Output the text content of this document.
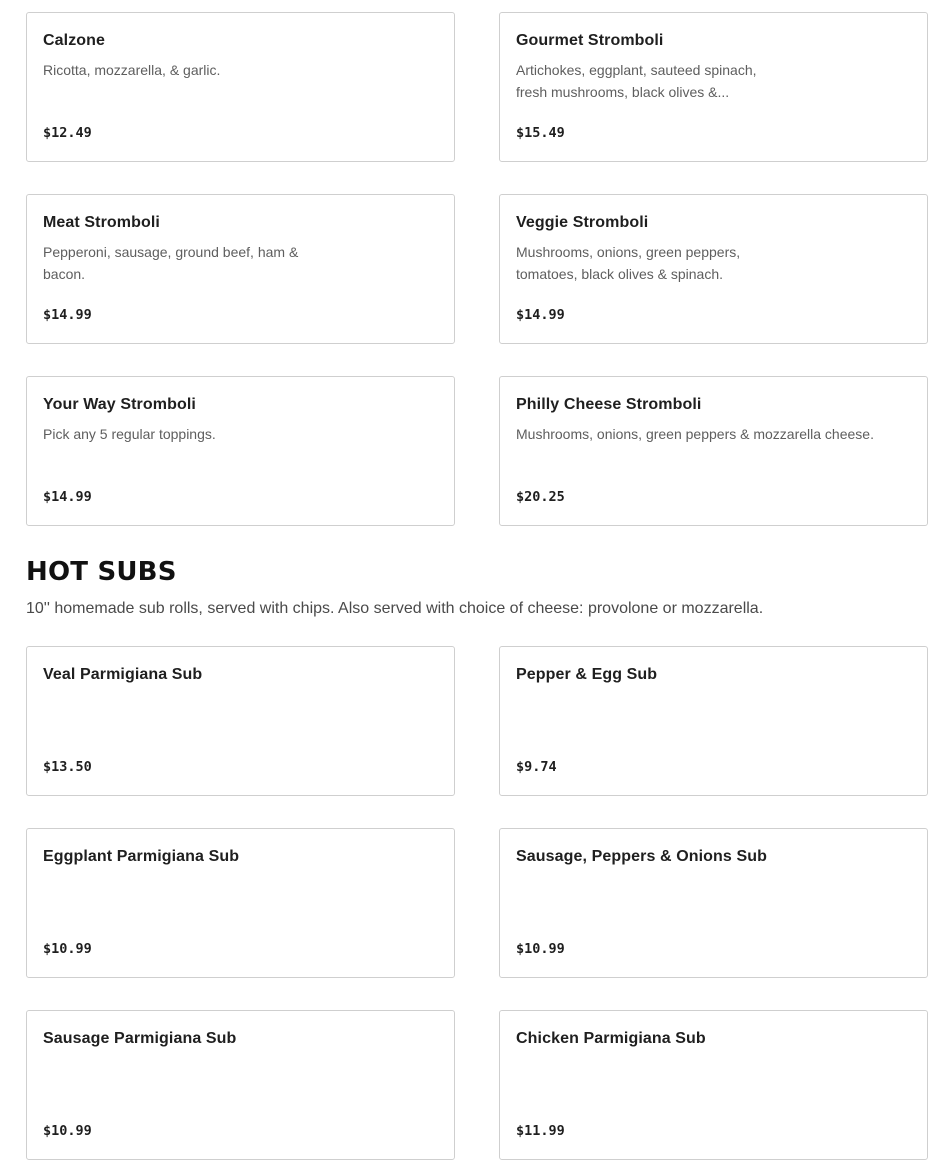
Calzone
Ricotta, mozzarella, & garlic.
$12.49
Gourmet Stromboli
Artichokes, eggplant, sauteed spinach, fresh mushrooms, black olives &...
$15.49
Meat Stromboli
Pepperoni, sausage, ground beef, ham & bacon.
$14.99
Veggie Stromboli
Mushrooms, onions, green peppers, tomatoes, black olives & spinach.
$14.99
Your Way Stromboli
Pick any 5 regular toppings.
$14.99
Philly Cheese Stromboli
Mushrooms, onions, green peppers & mozzarella cheese.
$20.25
HOT SUBS
10'' homemade sub rolls, served with chips. Also served with choice of cheese: provolone or mozzarella.
Veal Parmigiana Sub
$13.50
Pepper & Egg Sub
$9.74
Eggplant Parmigiana Sub
$10.99
Sausage, Peppers & Onions Sub
$10.99
Sausage Parmigiana Sub
$10.99
Chicken Parmigiana Sub
$11.99
